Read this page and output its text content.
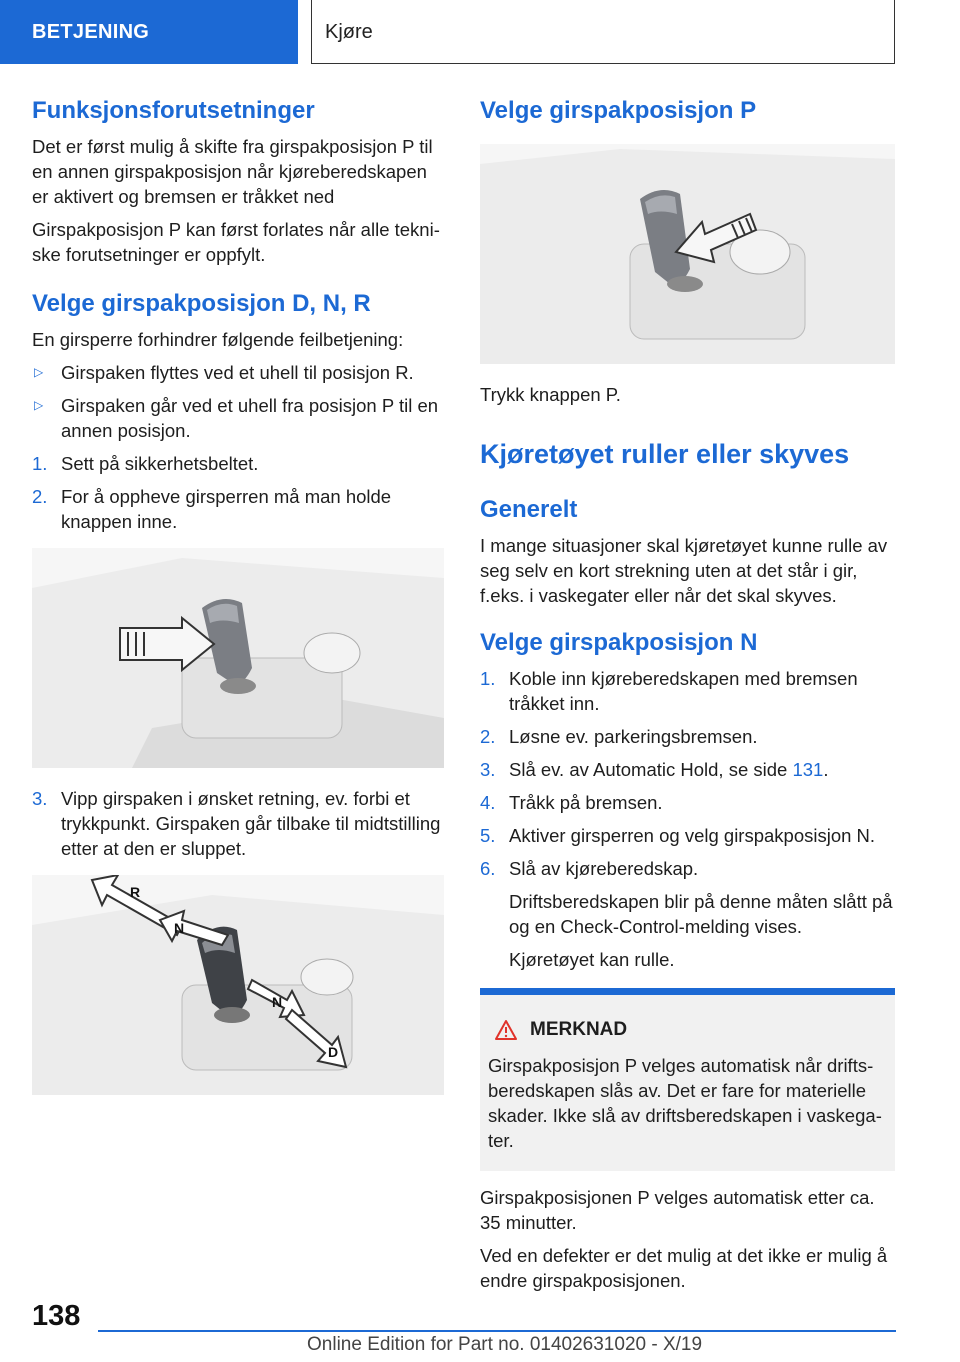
BETJENING	Kjøre
Funksjonsforutsetninger

Det er først mulig å skifte fra girspakposisjon P til en annen girspakposisjon når kjøreberedskapen er aktivert og bremsen er tråkket ned

Girspakposisjon P kan først forlates når alle tekniske forutsetninger er oppfylt.

Velge girspakposisjon D, N, R

En girsperre forhindrer følgende feilbetjening:

▷ Girspaken flyttes ved et uhell til posisjon R.
▷ Girspaken går ved et uhell fra posisjon P til en annen posisjon.
1. Sett på sikkerhetsbeltet.
2. For å oppheve girsperren må man holde knappen inne.
3. Vipp girspaken i ønsket retning, ev. forbi et trykkpunkt. Girspaken går tilbake til midtstilling etter at den er sluppet.
R
N
N
D
Velge girspakposisjon P

Trykk knappen P.

Kjøretøyet ruller eller skyves
Generelt

I mange situasjoner skal kjøretøyet kunne rulle av seg selv en kort strekning uten at det står i gir, f.eks. i vaskegater eller når det skal skyves.

Velge girspakposisjon N
1. Koble inn kjøreberedskapen med bremsen tråkket inn.
2. Løsne ev. parkeringsbremsen.
3. Slå ev. av Automatic Hold, se side 131.
4. Tråkk på bremsen.
5. Aktiver girsperren og velg girspakposisjon N.
6. Slå av kjøreberedskap.

Driftsberedskapen blir på denne måten slått på og en Check-Control-melding vises.

Kjøretøyet kan rulle.

MERKNAD

Girspakposisjon P velges automatisk når driftsberedskapen slås av. Det er fare for materielle skader. Ikke slå av driftsberedskapen i vaskegater.

Girspakposisjonen P velges automatisk etter ca. 35 minutter.

Ved en defekter er det mulig at det ikke er mulig å endre girspakposisjonen.

138
Online Edition for Part no. 01402631020 - X/19
